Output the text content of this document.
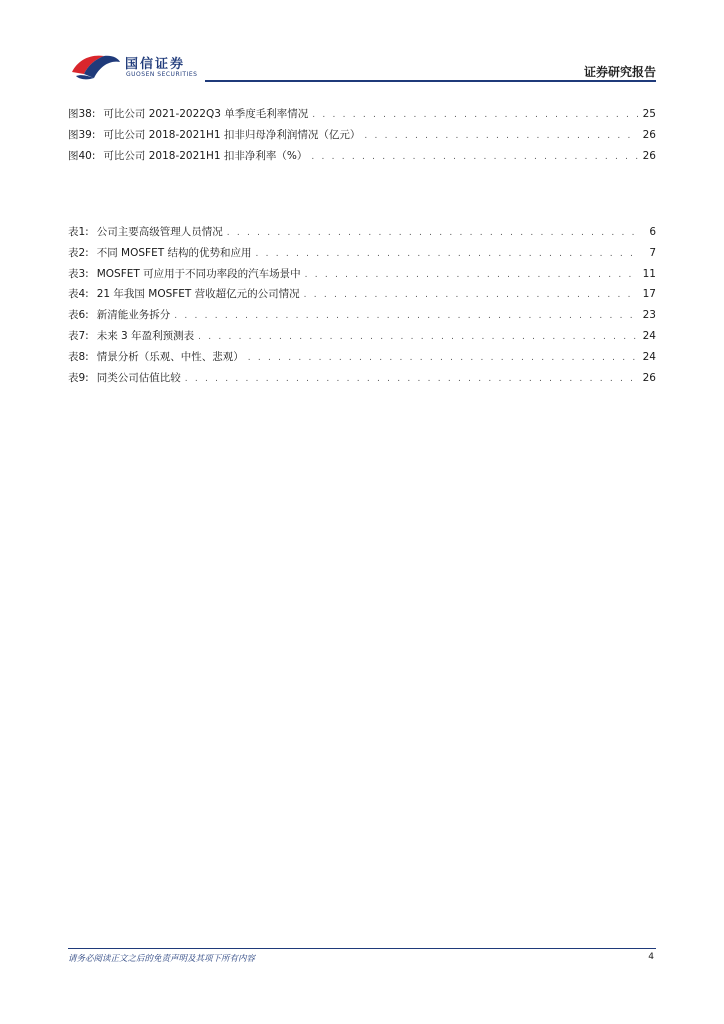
国信证券
GUOSEN SECURITIES	证券研究报告
图38: 可比公司 2021-2022Q3 单季度毛利率情况 . . .	25
图39: 可比公司 2018-2021H1 扣非归母净利润情况（亿元） . . .	26
图40: 可比公司 2018-2021H1 扣非净利率（%） . . .	26
表1: 公司主要高级管理人员情况 . . .	6
表2: 不同 MOSFET 结构的优势和应用 . . .	7
表3: MOSFET 可应用于不同功率段的汽车场景中 . . .	11
表4: 21 年我国 MOSFET 营收超亿元的公司情况 . . .	17
表6: 新清能业务拆分 . . .	23
表7: 未来 3 年盈利预测表 . . .	24
表8: 情景分析（乐观、中性、悲观） . . .	24
表9: 同类公司估值比较 . . .	26
请务必阅读正文之后的免责声明及其项下所有内容	4
